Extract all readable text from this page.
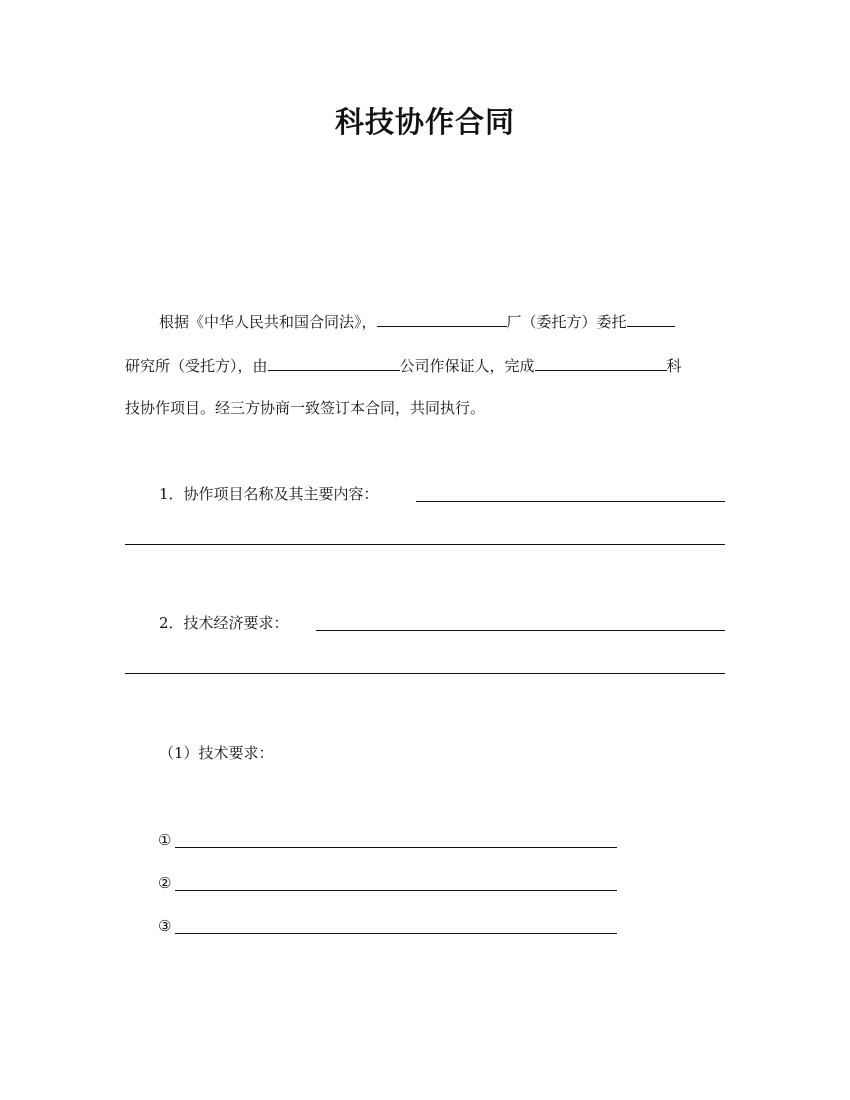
科技协作合同
根据《中华人民共和国合同法》，	厂（委托方）委托
研究所（受托方），由	公司作保证人，完成	科
技协作项目。经三方协商一致签订本合同，共同执行。
1．协作项目名称及其主要内容：
2．技术经济要求：
（1）技术要求：
①
②
③
